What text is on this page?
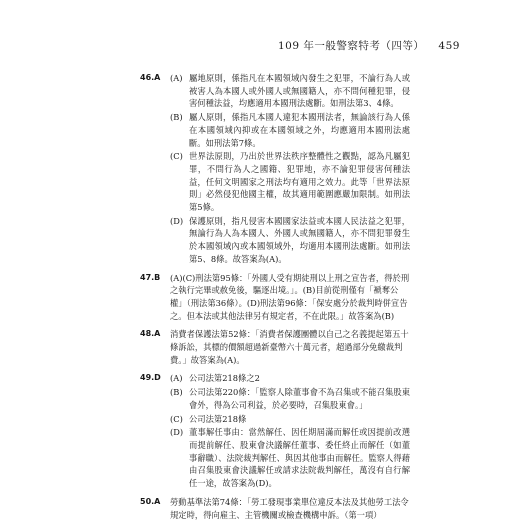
109 年一般警察特考（四等） 459
46.A (A) 屬地原則，係指凡在本國領域內發生之犯罪，不論行為人或被害人為本國人或外國人或無國籍人，亦不問何種犯罪，侵害何種法益，均應適用本國刑法處斷。如刑法第3、4條。
(B) 屬人原則，係指凡本國人違犯本國刑法者，無論該行為人係在本國領域內抑或在本國領域之外，均應適用本國刑法處斷。如刑法第7條。
(C) 世界法原則，乃出於世界法秩序整體性之觀點，認為凡屬犯罪，不問行為人之國籍、犯罪地，亦不論犯罪侵害何種法益，任何文明國家之刑法均有適用之效力。此等「世界法原則」必然侵犯他國主權，故其適用範圍應嚴加限制。如刑法第5條。
(D) 保護原則，指凡侵害本國國家法益或本國人民法益之犯罪，無論行為人為本國人、外國人或無國籍人，亦不問犯罪發生於本國領域內或本國領域外，均適用本國刑法處斷。如刑法第5、8條。故答案為(A)。
47.B (A)(C)刑法第95條：「外國人受有期徒刑以上刑之宣告者，得於刑之執行完畢或赦免後，驅逐出境。」。(B)目前從刑僅有「褫奪公權」（刑法第36條）。(D)刑法第96條：「保安處分於裁判時併宣告之。但本法或其他法律另有規定者，不在此限。」故答案為(B)
48.A 消費者保護法第52條：「消費者保護團體以自己之名義提起第五十條訴訟，其標的價額超過新臺幣六十萬元者，超過部分免繳裁判費。」故答案為(A)。
49.D (A) 公司法第218條之2
(B) 公司法第220條：「監察人除董事會不為召集或不能召集股東會外，得為公司利益，於必要時，召集股東會。」
(C) 公司法第218條
(D) 董事解任事由：當然解任、因任期屆滿而解任或因提前改選而提前解任、股東會決議解任董事、委任終止而解任（如董事辭職）、法院裁判解任、與因其他事由而解任。監察人得藉由召集股東會決議解任或請求法院裁判解任，萬沒有自行解任一途，故答案為(D)。
50.A 勞動基準法第74條：「勞工發現事業單位違反本法及其他勞工法令規定時，得向雇主、主管機關或檢查機構申訴。（第一項）
